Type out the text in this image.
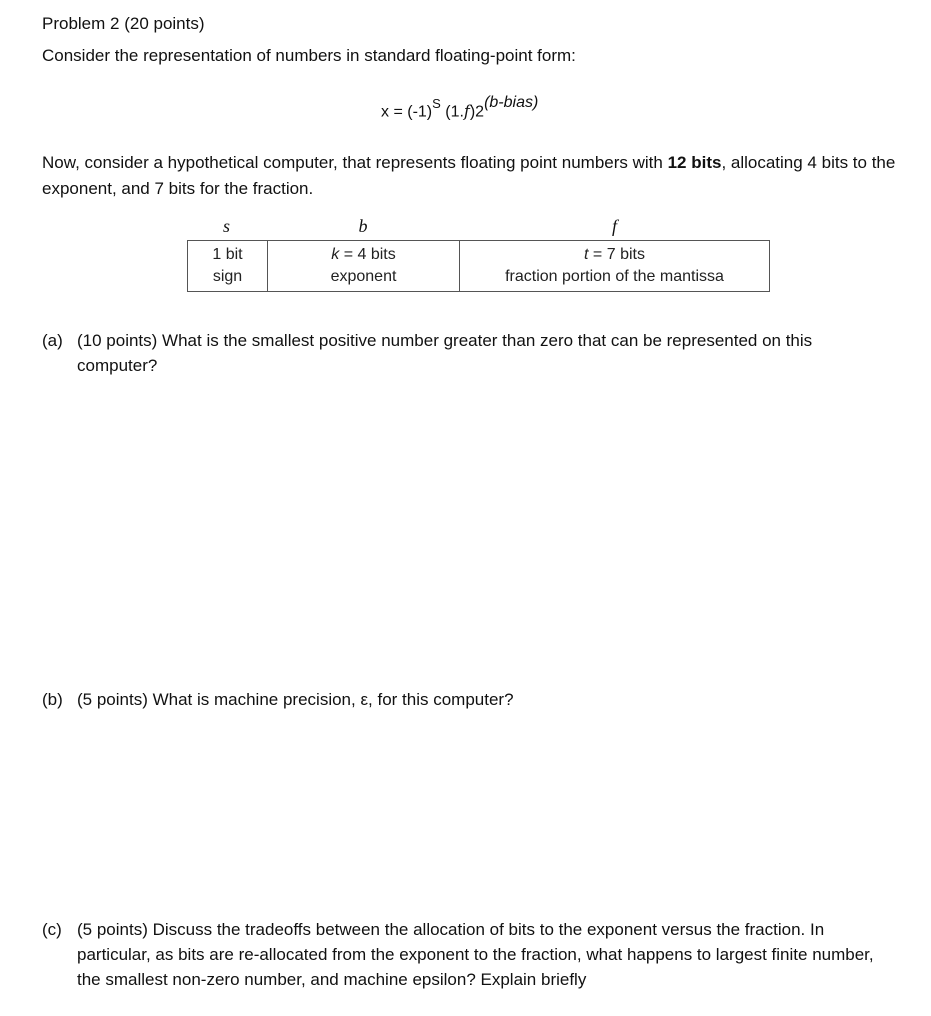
Problem 2 (20 points)
Consider the representation of numbers in standard floating-point form:
$x = (-1)^S$ (1.f)2(b-bias)
Now, consider a hypothetical computer, that represents floating point numbers with 12 bits, allocating 4 bits to the exponent, and 7 bits for the fraction.
s	b	f
1 bit
sign
k = 4 bits
exponent
t = 7 bits
fraction portion of the mantissa
(a) (10 points) What is the smallest positive number greater than zero that can be represented on this computer?
(b) (5 points) What is machine precision, ε, for this computer?
(c) (5 points) Discuss the tradeoffs between the allocation of bits to the exponent versus the fraction. In particular, as bits are re-allocated from the exponent to the fraction, what happens to largest finite number, the smallest non-zero number, and machine epsilon? Explain briefly
